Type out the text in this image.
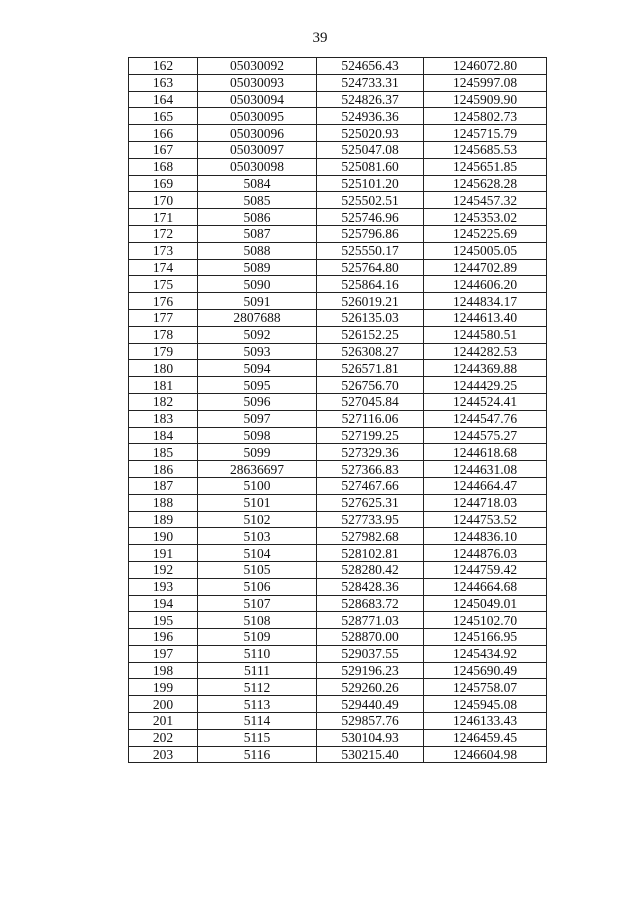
39
162	05030092	524656.43	1246072.80
163	05030093	524733.31	1245997.08
164	05030094	524826.37	1245909.90
165	05030095	524936.36	1245802.73
166	05030096	525020.93	1245715.79
167	05030097	525047.08	1245685.53
168	05030098	525081.60	1245651.85
169	5084	525101.20	1245628.28
170	5085	525502.51	1245457.32
171	5086	525746.96	1245353.02
172	5087	525796.86	1245225.69
173	5088	525550.17	1245005.05
174	5089	525764.80	1244702.89
175	5090	525864.16	1244606.20
176	5091	526019.21	1244834.17
177	2807688	526135.03	1244613.40
178	5092	526152.25	1244580.51
179	5093	526308.27	1244282.53
180	5094	526571.81	1244369.88
181	5095	526756.70	1244429.25
182	5096	527045.84	1244524.41
183	5097	527116.06	1244547.76
184	5098	527199.25	1244575.27
185	5099	527329.36	1244618.68
186	28636697	527366.83	1244631.08
187	5100	527467.66	1244664.47
188	5101	527625.31	1244718.03
189	5102	527733.95	1244753.52
190	5103	527982.68	1244836.10
191	5104	528102.81	1244876.03
192	5105	528280.42	1244759.42
193	5106	528428.36	1244664.68
194	5107	528683.72	1245049.01
195	5108	528771.03	1245102.70
196	5109	528870.00	1245166.95
197	5110	529037.55	1245434.92
198	5111	529196.23	1245690.49
199	5112	529260.26	1245758.07
200	5113	529440.49	1245945.08
201	5114	529857.76	1246133.43
202	5115	530104.93	1246459.45
203	5116	530215.40	1246604.98
